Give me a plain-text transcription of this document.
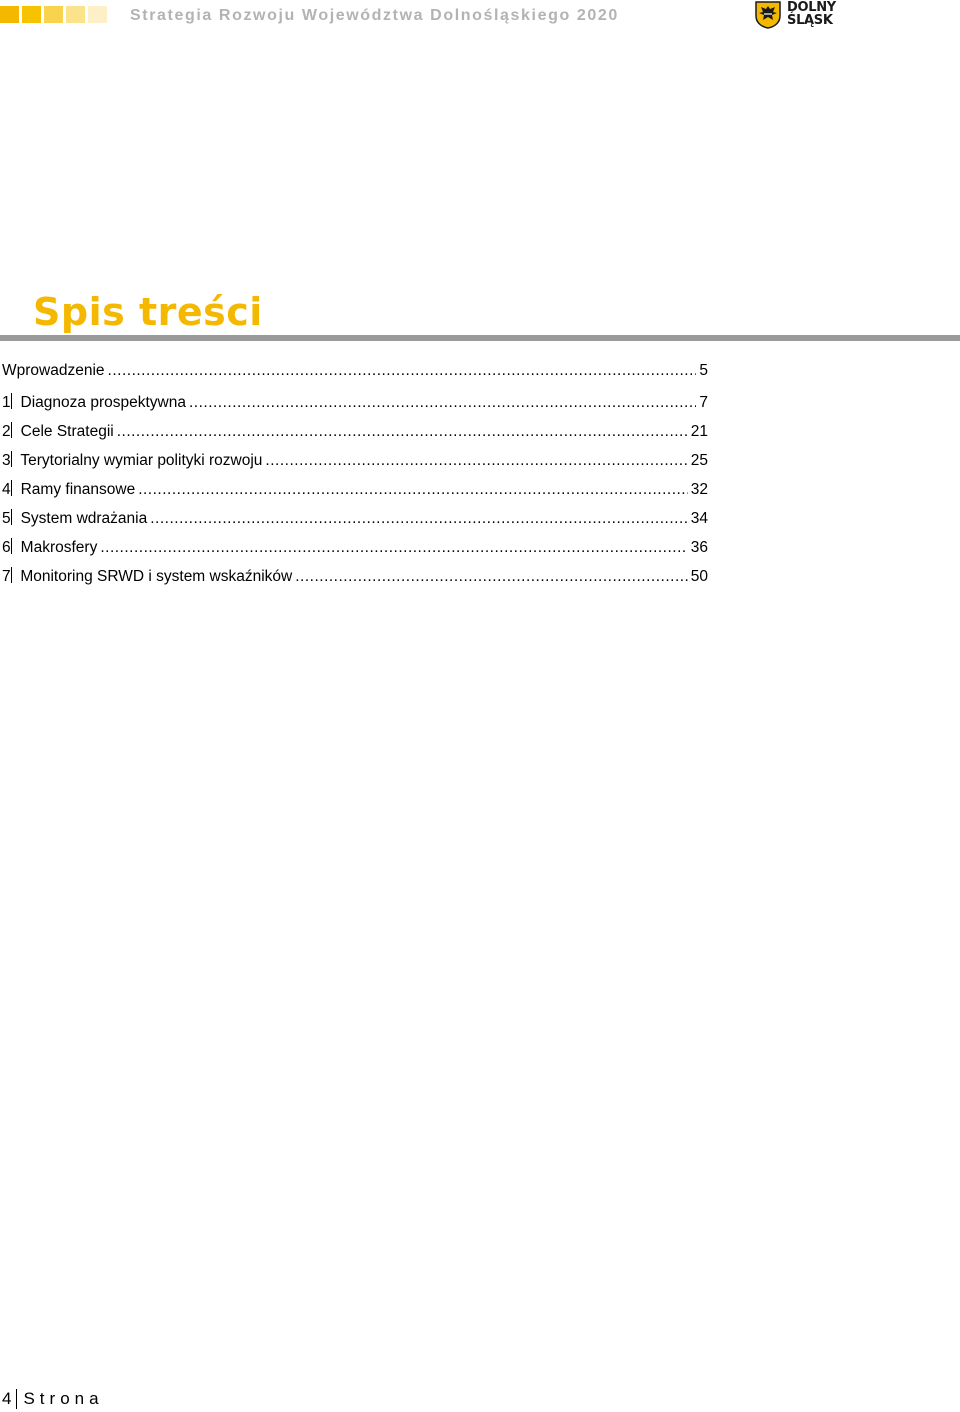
Strategia Rozwoju Województwa Dolnośląskiego 2020	DOLNY
ŚLĄSK
Spis treści
Wprowadzenie .....	5
1 Diagnoza prospektywna .....	7
2 Cele Strategii .....	21
3 Terytorialny wymiar polityki rozwoju .....	25
4 Ramy finansowe .....	32
5 System wdrażania .....	34
6 Makrosfery .....	36
7 Monitoring SRWD i system wskaźników .....	50
4 Strona
